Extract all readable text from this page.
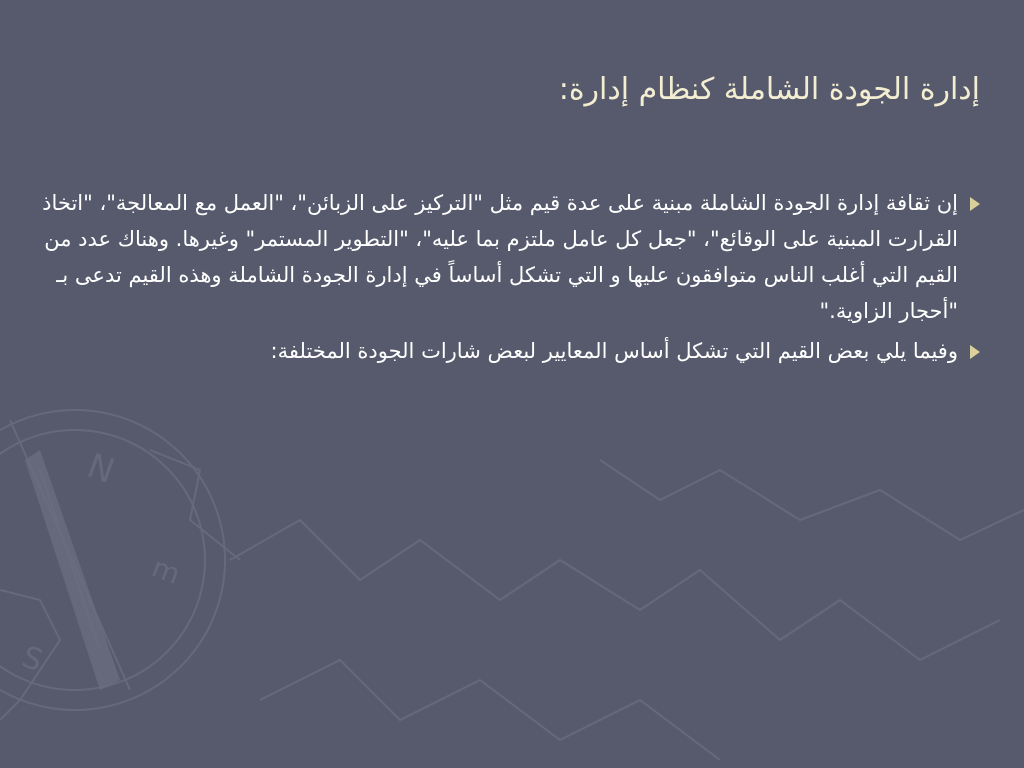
N
S
m
إدارة الجودة الشاملة كنظام إدارة:

إن ثقافة إدارة الجودة الشاملة مبنية على عدة قيم مثل "التركيز على الزبائن"، "العمل مع المعالجة"، "اتخاذ القرارت المبنية على الوقائع"، "جعل كل عامل ملتزم بما عليه"، "التطوير المستمر" وغيرها. وهناك عدد من القيم التي أغلب الناس متوافقون عليها و التي تشكل أساساً في إدارة الجودة الشاملة وهذه القيم تدعى بـ "أحجار الزاوية."

وفيما يلي بعض القيم التي تشكل أساس المعايير لبعض شارات الجودة المختلفة:
